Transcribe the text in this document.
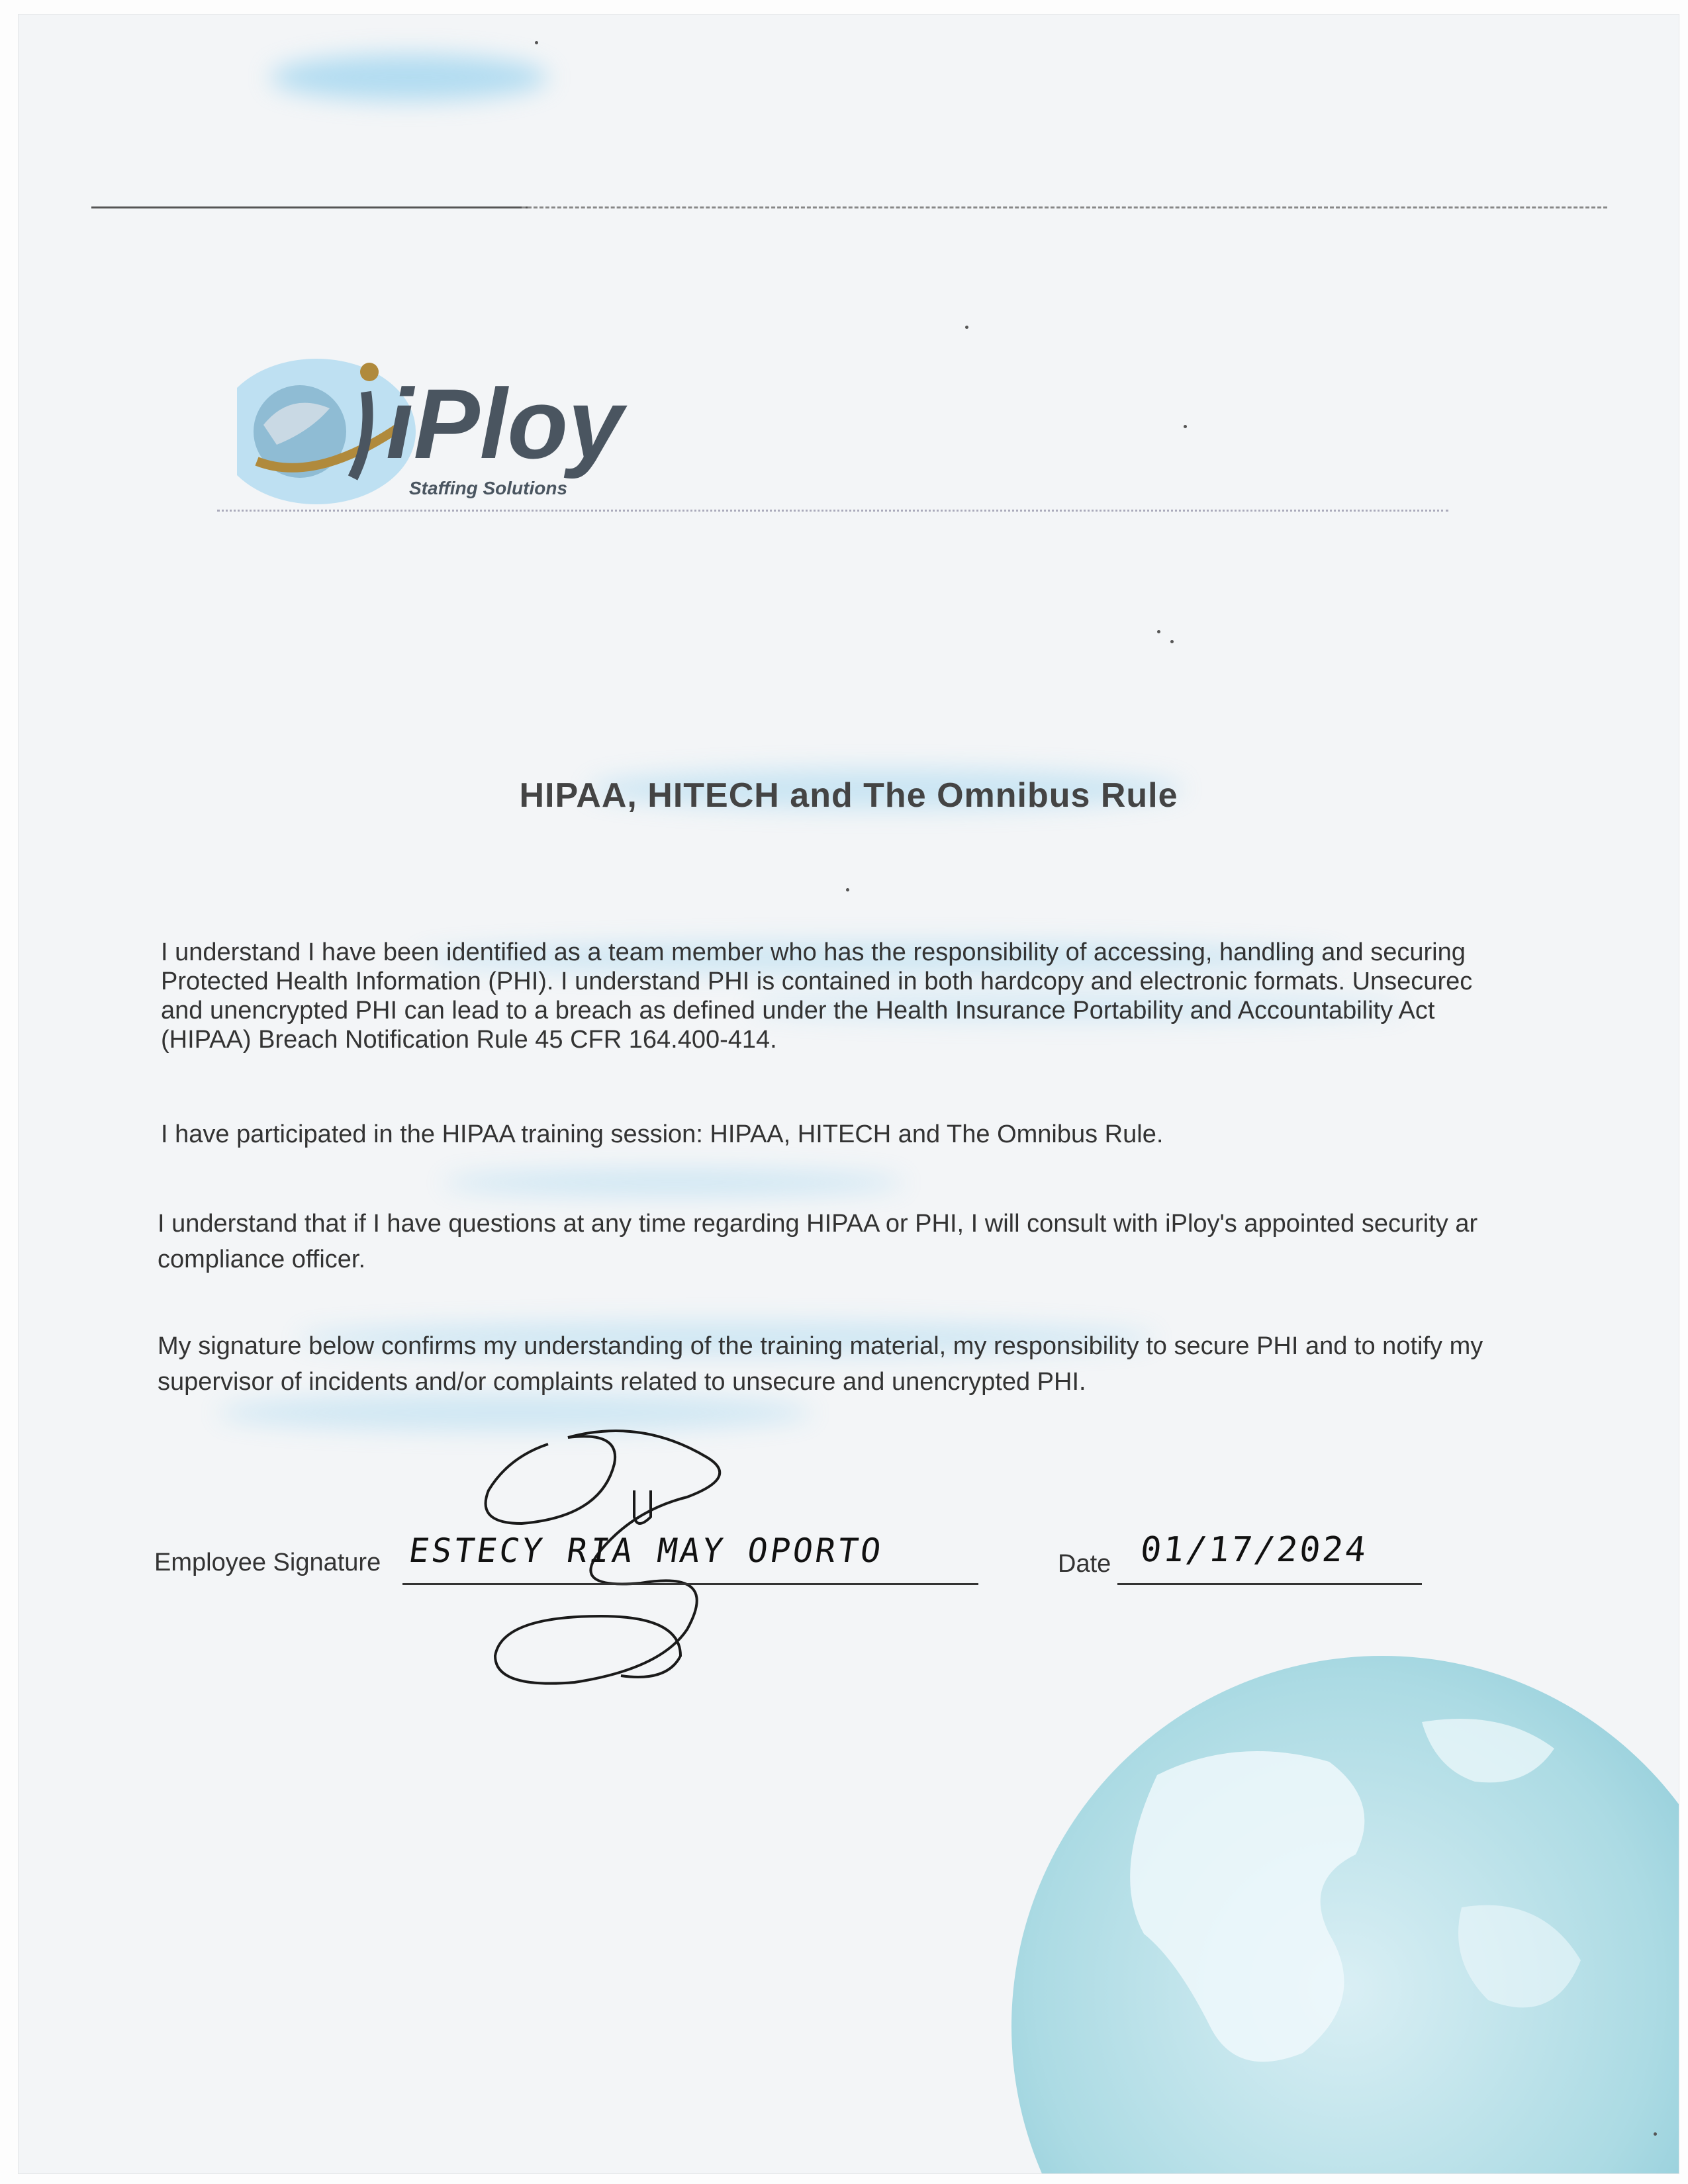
iPloy
Staffing Solutions
HIPAA, HITECH and The Omnibus Rule
I understand I have been identified as a team member who has the responsibility of accessing, handling and securing
Protected Health Information (PHI). I understand PHI is contained in both hardcopy and electronic formats. Unsecurec
and unencrypted PHI can lead to a breach as defined under the Health Insurance Portability and Accountability Act
(HIPAA) Breach Notification Rule 45 CFR 164.400-414.
I have participated in the HIPAA training session: HIPAA, HITECH and The Omnibus Rule.
I understand that if I have questions at any time regarding HIPAA or PHI, I will consult with iPloy's appointed security ar
compliance officer.
My signature below confirms my understanding of the training material, my responsibility to secure PHI and to notify my
supervisor of incidents and/or complaints related to unsecure and unencrypted PHI.
Employee Signature ESTECY RIA MAY OPORTO	Date 01/17/2024
